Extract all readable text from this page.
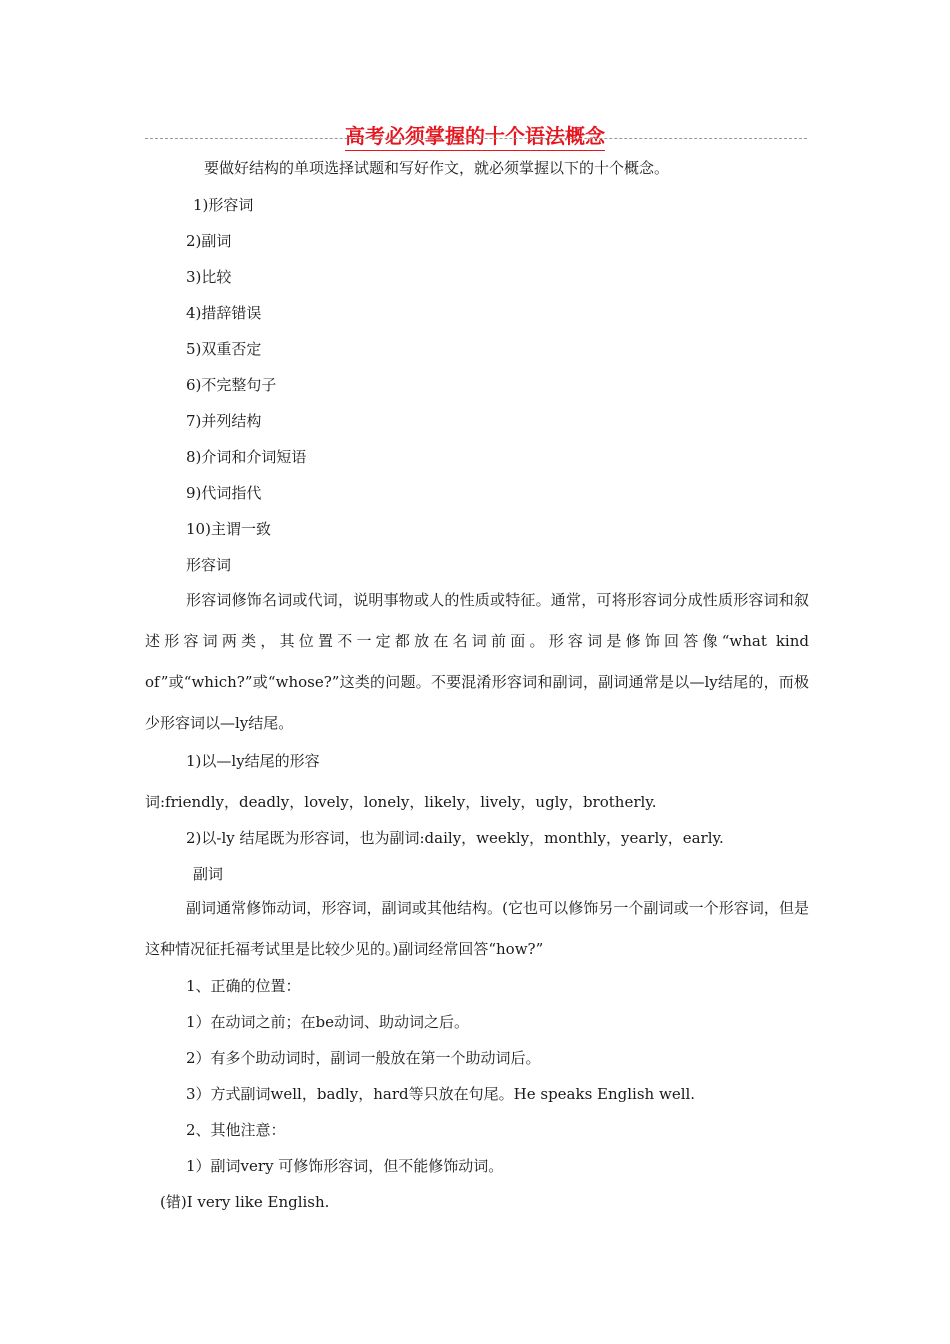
高考必须掌握的十个语法概念
要做好结构的单项选择试题和写好作文，就必须掌握以下的十个概念。
1)形容词
2)副词
3)比较
4)措辞错误
5)双重否定
6)不完整句子
7)并列结构
8)介词和介词短语
9)代词指代
10)主谓一致
形容词
形容词修饰名词或代词，说明事物或人的性质或特征。通常，可将形容词分成性质形容词和叙述形容词两类，其位置不一定都放在名词前面。形容词是修饰回答像“what kind of”或“which?”或“whose?”这类的问题。不要混淆形容词和副词，副词通常是以—ly结尾的，而极少形容词以—ly结尾。
1)以—ly结尾的形容
词:friendly，deadly，lovely，lonely，likely，lively，ugly，brotherly.
2)以-ly 结尾既为形容词，也为副词:daily，weekly，monthly，yearly，early.
副词
副词通常修饰动词，形容词，副词或其他结构。(它也可以修饰另一个副词或一个形容词，但是这种情况征托福考试里是比较少见的。)副词经常回答“how?”
1、正确的位置：
1）在动词之前；在be动词、助动词之后。
2）有多个助动词时，副词一般放在第一个助动词后。
3）方式副词well，badly，hard等只放在句尾。He speaks English well.
2、其他注意：
1）副词very 可修饰形容词，但不能修饰动词。
(错)I very like English.
